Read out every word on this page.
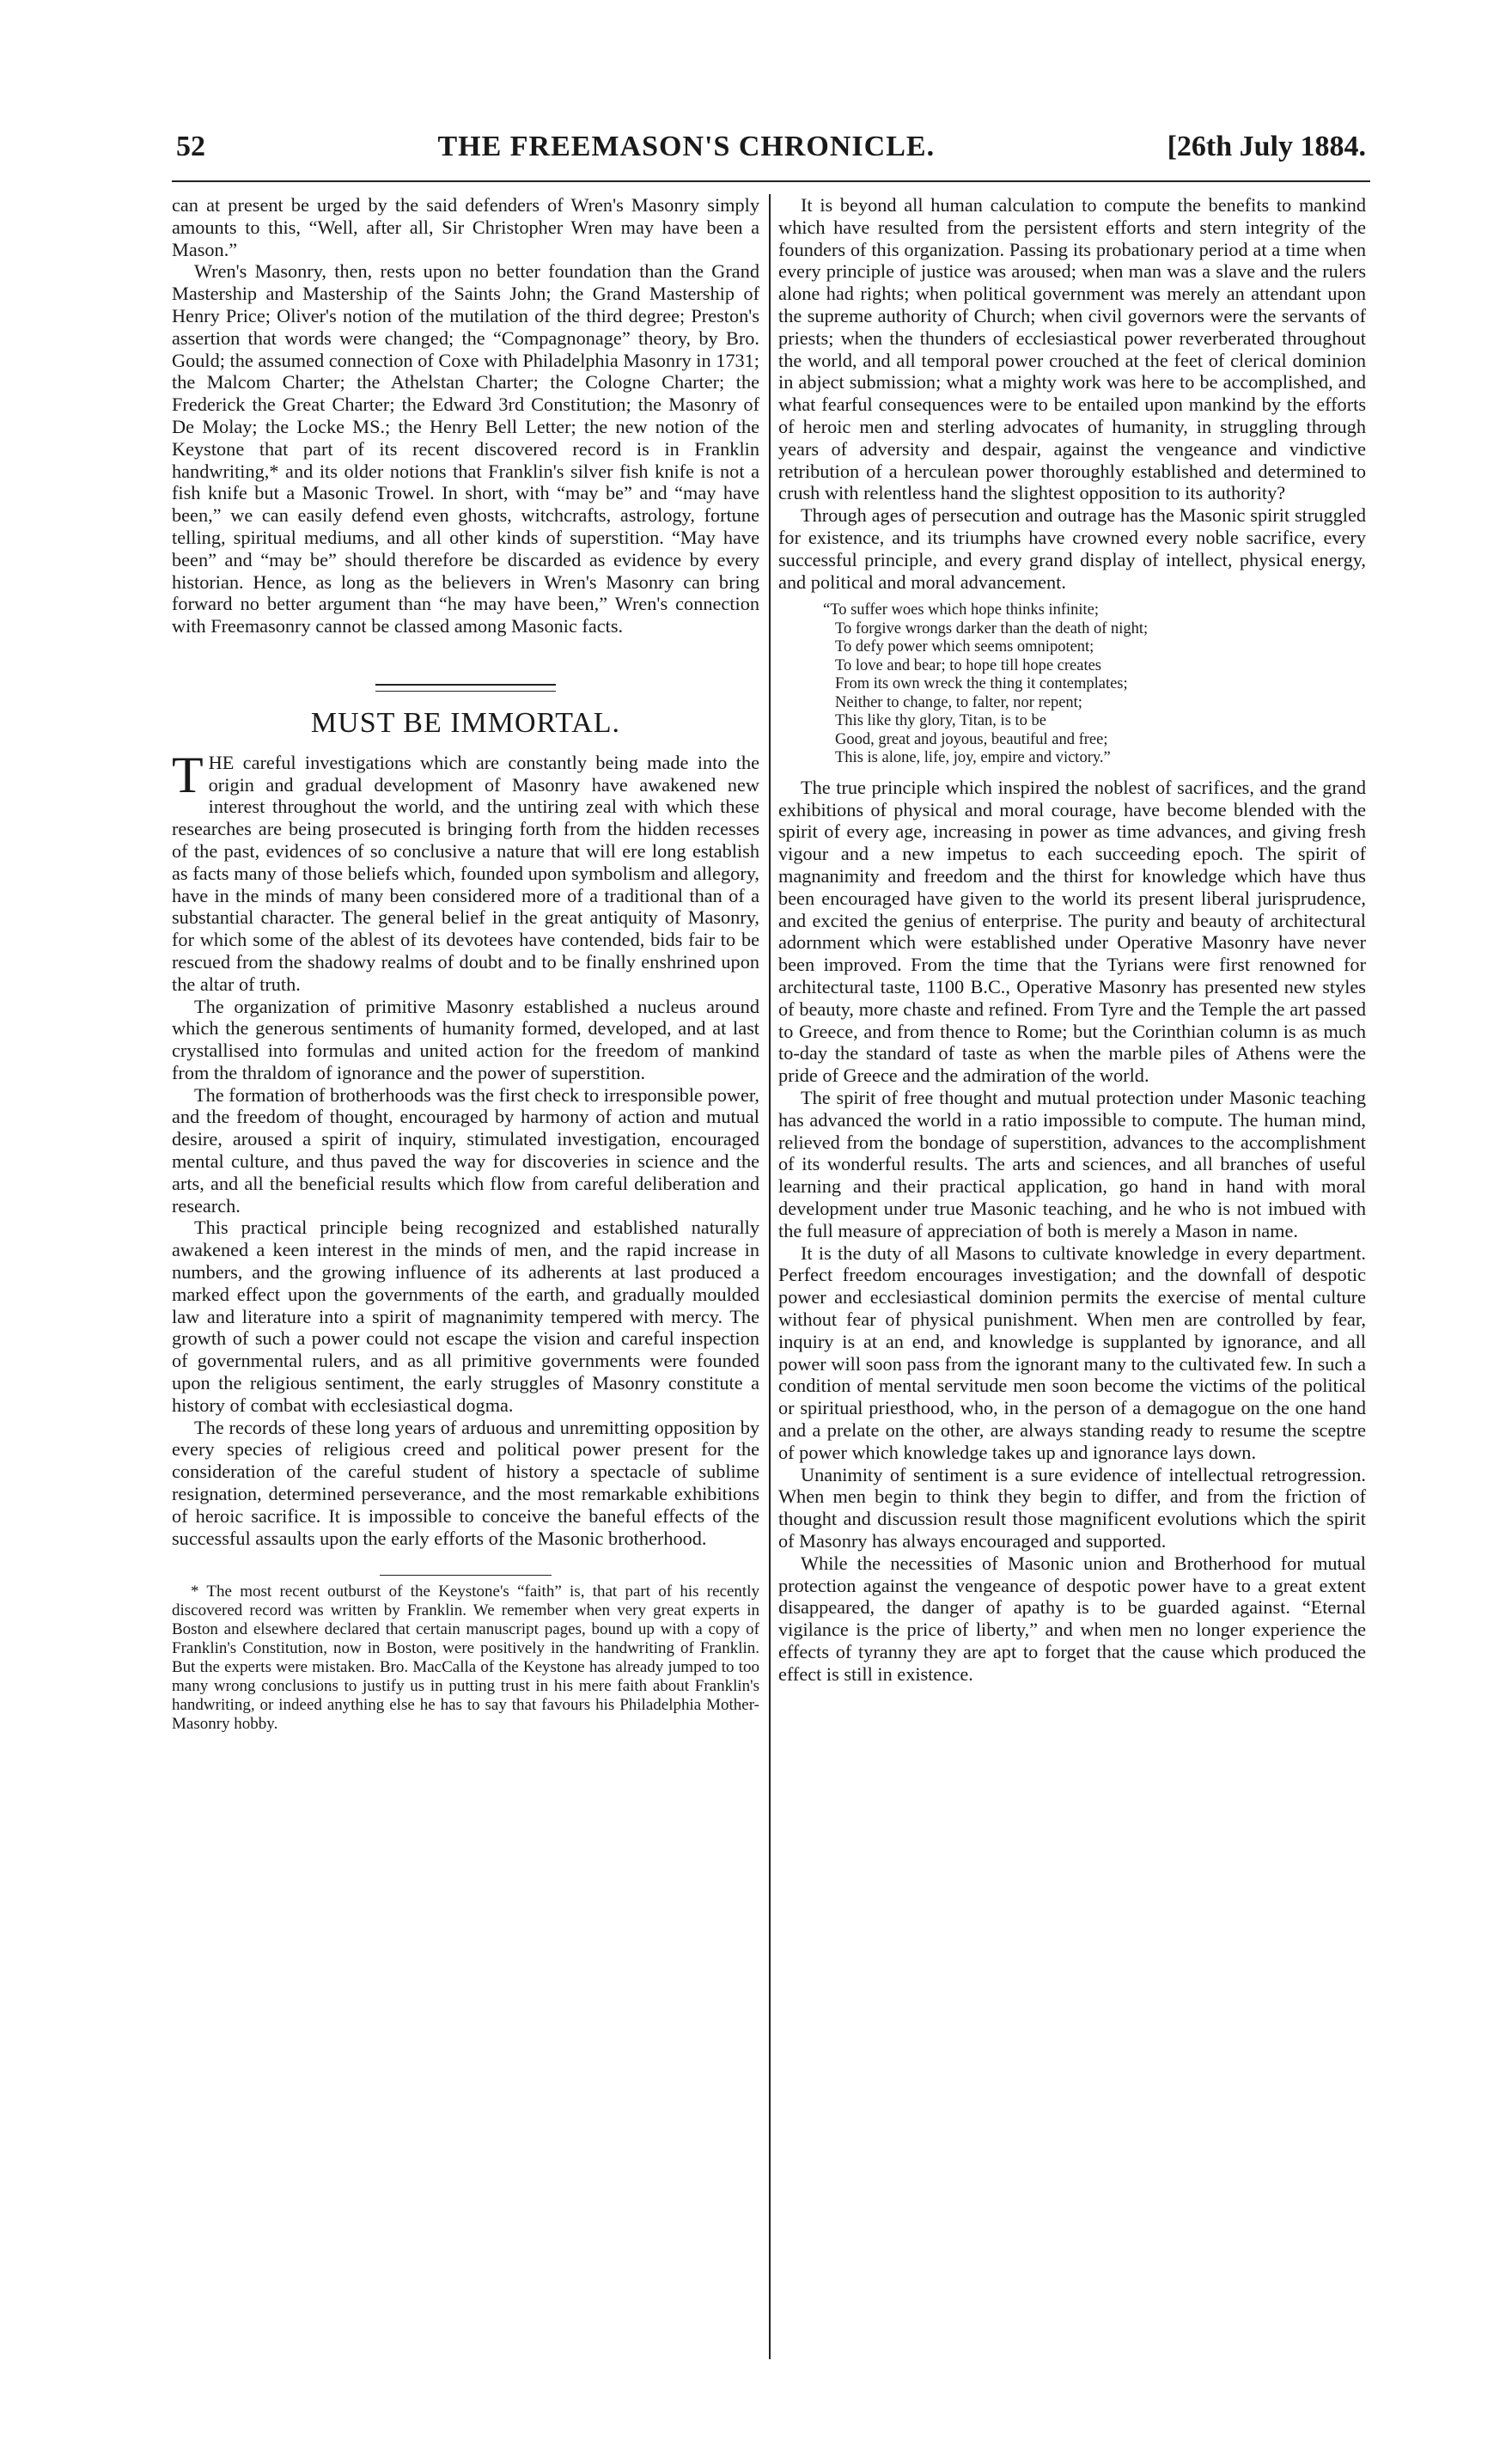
52	THE FREEMASON'S CHRONICLE.	[26th July 1884.

can at present be urged by the said defenders of Wren's Masonry simply amounts to this, “Well, after all, Sir Christopher Wren may have been a Mason.”

Wren's Masonry, then, rests upon no better foundation than the Grand Mastership and Mastership of the Saints John; the Grand Mastership of Henry Price; Oliver's notion of the mutilation of the third degree; Preston's assertion that words were changed; the “Compagnonage” theory, by Bro. Gould; the assumed connection of Coxe with Philadelphia Masonry in 1731; the Malcom Charter; the Athelstan Charter; the Cologne Charter; the Frederick the Great Charter; the Edward 3rd Constitution; the Masonry of De Molay; the Locke MS.; the Henry Bell Letter; the new notion of the Keystone that part of its recent discovered record is in Franklin handwriting,* and its older notions that Franklin's silver fish knife is not a fish knife but a Masonic Trowel. In short, with “may be” and “may have been,” we can easily defend even ghosts, witchcrafts, astrology, fortune telling, spiritual mediums, and all other kinds of superstition. “May have been” and “may be” should therefore be discarded as evidence by every historian. Hence, as long as the believers in Wren's Masonry can bring forward no better argument than “he may have been,” Wren's connection with Freemasonry cannot be classed among Masonic facts.

MUST BE IMMORTAL.

THE careful investigations which are constantly being made into the origin and gradual development of Masonry have awakened new interest throughout the world, and the untiring zeal with which these researches are being prosecuted is bringing forth from the hidden recesses of the past, evidences of so conclusive a nature that will ere long establish as facts many of those beliefs which, founded upon symbolism and allegory, have in the minds of many been considered more of a traditional than of a substantial character. The general belief in the great antiquity of Masonry, for which some of the ablest of its devotees have contended, bids fair to be rescued from the shadowy realms of doubt and to be finally enshrined upon the altar of truth.

The organization of primitive Masonry established a nucleus around which the generous sentiments of humanity formed, developed, and at last crystallised into formulas and united action for the freedom of mankind from the thraldom of ignorance and the power of superstition.

The formation of brotherhoods was the first check to irresponsible power, and the freedom of thought, encouraged by harmony of action and mutual desire, aroused a spirit of inquiry, stimulated investigation, encouraged mental culture, and thus paved the way for discoveries in science and the arts, and all the beneficial results which flow from careful deliberation and research.

This practical principle being recognized and established naturally awakened a keen interest in the minds of men, and the rapid increase in numbers, and the growing influence of its adherents at last produced a marked effect upon the governments of the earth, and gradually moulded law and literature into a spirit of magnanimity tempered with mercy. The growth of such a power could not escape the vision and careful inspection of governmental rulers, and as all primitive governments were founded upon the religious sentiment, the early struggles of Masonry constitute a history of combat with ecclesiastical dogma.

The records of these long years of arduous and unremitting opposition by every species of religious creed and political power present for the consideration of the careful student of history a spectacle of sublime resignation, determined perseverance, and the most remarkable exhibitions of heroic sacrifice. It is impossible to conceive the baneful effects of the successful assaults upon the early efforts of the Masonic brotherhood.

* The most recent outburst of the Keystone's “faith” is, that part of his recently discovered record was written by Franklin. We remember when very great experts in Boston and elsewhere declared that certain manuscript pages, bound up with a copy of Franklin's Constitution, now in Boston, were positively in the handwriting of Franklin. But the experts were mistaken. Bro. MacCalla of the Keystone has already jumped to too many wrong conclusions to justify us in putting trust in his mere faith about Franklin's handwriting, or indeed anything else he has to say that favours his Philadelphia Mother-Masonry hobby.

It is beyond all human calculation to compute the benefits to mankind which have resulted from the persistent efforts and stern integrity of the founders of this organization. Passing its probationary period at a time when every principle of justice was aroused; when man was a slave and the rulers alone had rights; when political government was merely an attendant upon the supreme authority of Church; when civil governors were the servants of priests; when the thunders of ecclesiastical power reverberated throughout the world, and all temporal power crouched at the feet of clerical dominion in abject submission; what a mighty work was here to be accomplished, and what fearful consequences were to be entailed upon mankind by the efforts of heroic men and sterling advocates of humanity, in struggling through years of adversity and despair, against the vengeance and vindictive retribution of a herculean power thoroughly established and determined to crush with relentless hand the slightest opposition to its authority?

Through ages of persecution and outrage has the Masonic spirit struggled for existence, and its triumphs have crowned every noble sacrifice, every successful principle, and every grand display of intellect, physical energy, and political and moral advancement.

“To suffer woes which hope thinks infinite;
To forgive wrongs darker than the death of night;
To defy power which seems omnipotent;
To love and bear; to hope till hope creates
From its own wreck the thing it contemplates;
Neither to change, to falter, nor repent;
This like thy glory, Titan, is to be
Good, great and joyous, beautiful and free;
This is alone, life, joy, empire and victory.”

The true principle which inspired the noblest of sacrifices, and the grand exhibitions of physical and moral courage, have become blended with the spirit of every age, increasing in power as time advances, and giving fresh vigour and a new impetus to each succeeding epoch. The spirit of magnanimity and freedom and the thirst for knowledge which have thus been encouraged have given to the world its present liberal jurisprudence, and excited the genius of enterprise. The purity and beauty of architectural adornment which were established under Operative Masonry have never been improved. From the time that the Tyrians were first renowned for architectural taste, 1100 B.C., Operative Masonry has presented new styles of beauty, more chaste and refined. From Tyre and the Temple the art passed to Greece, and from thence to Rome; but the Corinthian column is as much to-day the standard of taste as when the marble piles of Athens were the pride of Greece and the admiration of the world.

The spirit of free thought and mutual protection under Masonic teaching has advanced the world in a ratio impossible to compute. The human mind, relieved from the bondage of superstition, advances to the accomplishment of its wonderful results. The arts and sciences, and all branches of useful learning and their practical application, go hand in hand with moral development under true Masonic teaching, and he who is not imbued with the full measure of appreciation of both is merely a Mason in name.

It is the duty of all Masons to cultivate knowledge in every department. Perfect freedom encourages investigation; and the downfall of despotic power and ecclesiastical dominion permits the exercise of mental culture without fear of physical punishment. When men are controlled by fear, inquiry is at an end, and knowledge is supplanted by ignorance, and all power will soon pass from the ignorant many to the cultivated few. In such a condition of mental servitude men soon become the victims of the political or spiritual priesthood, who, in the person of a demagogue on the one hand and a prelate on the other, are always standing ready to resume the sceptre of power which knowledge takes up and ignorance lays down.

Unanimity of sentiment is a sure evidence of intellectual retrogression. When men begin to think they begin to differ, and from the friction of thought and discussion result those magnificent evolutions which the spirit of Masonry has always encouraged and supported.

While the necessities of Masonic union and Brotherhood for mutual protection against the vengeance of despotic power have to a great extent disappeared, the danger of apathy is to be guarded against. “Eternal vigilance is the price of liberty,” and when men no longer experience the effects of tyranny they are apt to forget that the cause which produced the effect is still in existence.
